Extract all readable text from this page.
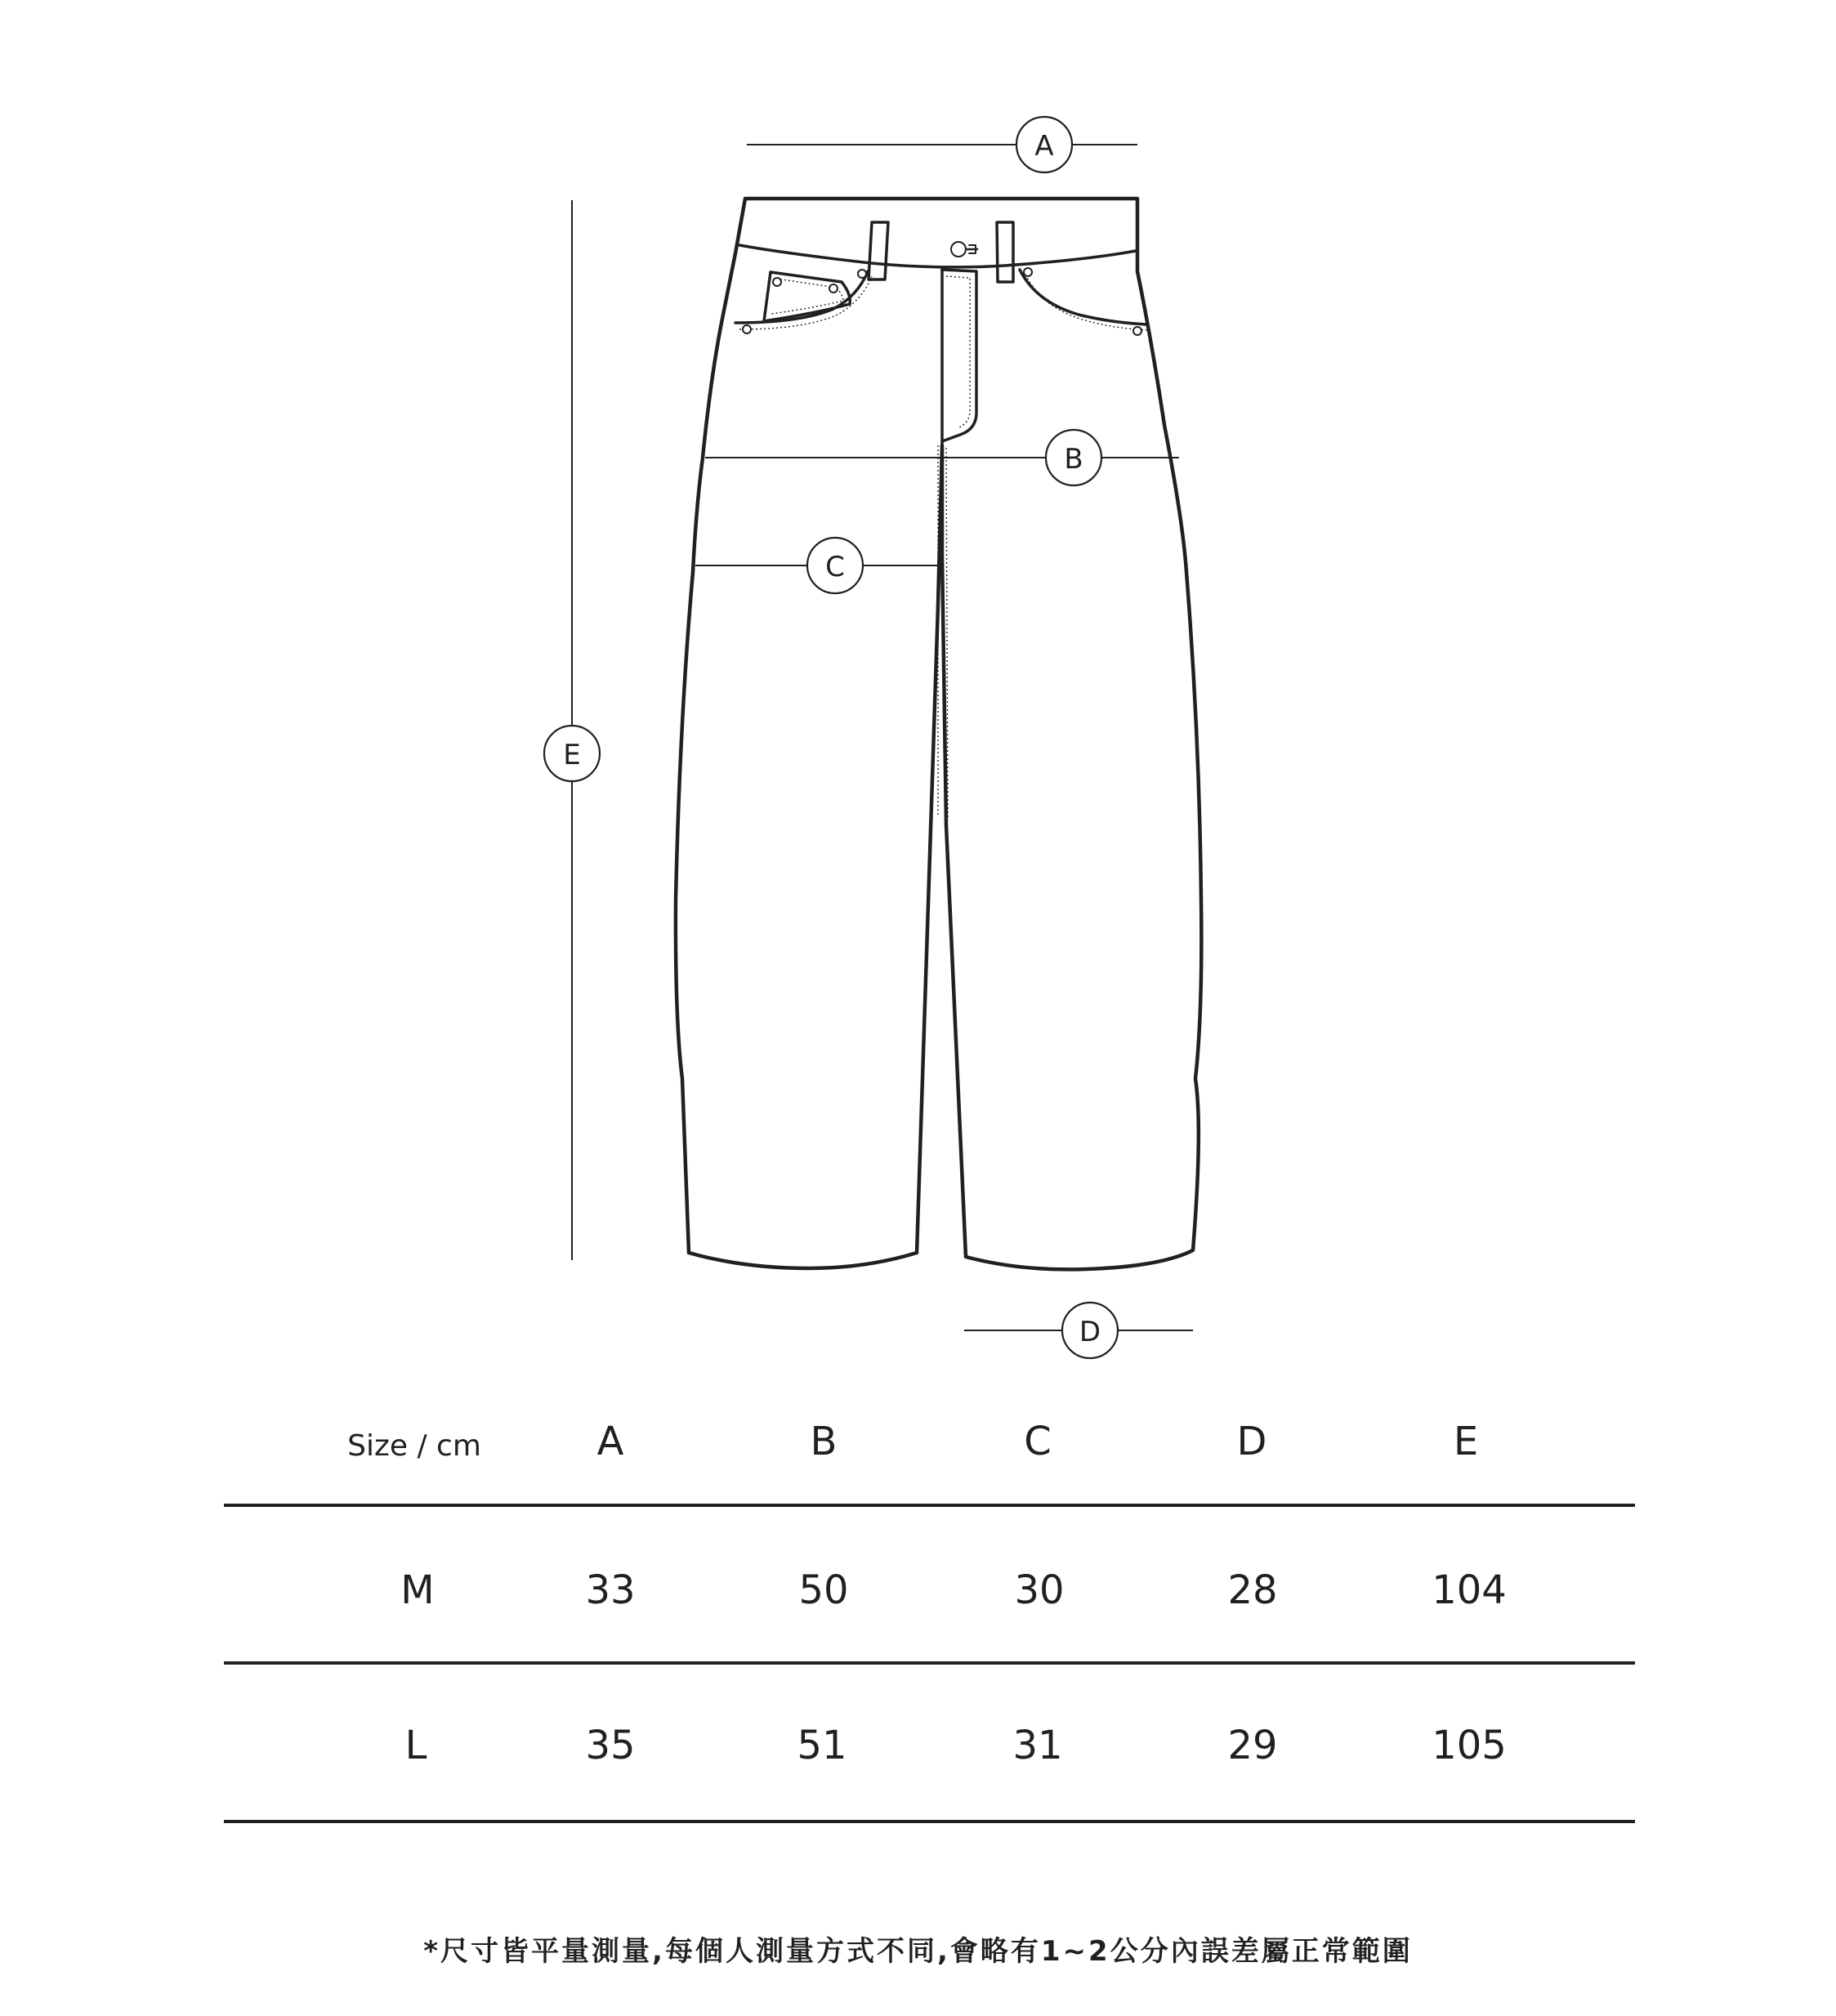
A
B
C
D
E
Size / cm	A	B	C	D	E
M	33	50	30	28	104
L	35	51	31	29	105
*尺寸皆平量測量,每個人測量方式不同,會略有1~2公分內誤差屬正常範圍
